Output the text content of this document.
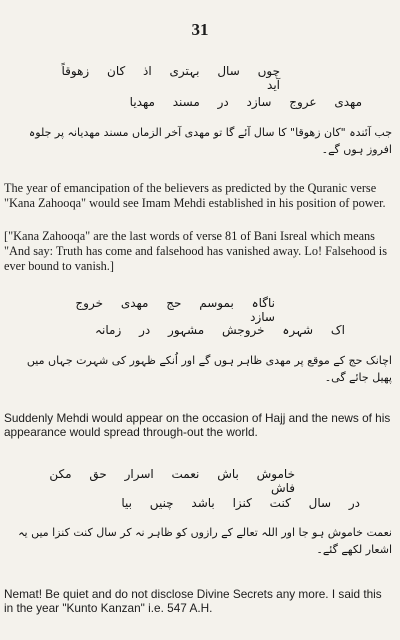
31
چوں سال بہتری اذ کان زھوقاً آید
مھدی عروج سازد در مسند مھدیا
جب آئندہ "کان زھوقا" کا سال آئے گا تو مھدی آخر الزماں مسند مھدیانہ پر جلوہ افروز ہوں گے۔
The year of emancipation of the believers as predicted by the Quranic verse "Kana Zahooqa" would see Imam Mehdi established in his position of power.
["Kana Zahooqa" are the last words of verse 81 of Bani Isreal which means "And say: Truth has come and falsehood has vanished away. Lo! Falsehood is ever bound to vanish.]
ناگاہ بموسم حج مھدی خروج سازد
اک شہرہ خروجش مشہور در زمانہ
اچانک حج کے موقع پر مھدی ظاہر ہوں گے اور اُنکے ظہور کی شہرت جہاں میں پھیل جائے گی۔
Suddenly Mehdi would appear on the occasion of Hajj and the news of his appearance would spread through-out the world.
خاموش باش نعمت اسرار حق مکن فاش
در سال کنت کنزا باشد چنیں بیا
نعمت خاموش ہو جا اور اللہ تعالے کے رازوں کو ظاہر نہ کر سال کنت کنزا میں یہ اشعار لکھے گئے۔
Nemat! Be quiet and do not disclose Divine Secrets any more. I said this in the year "Kunto Kanzan" i.e. 547 A.H.
